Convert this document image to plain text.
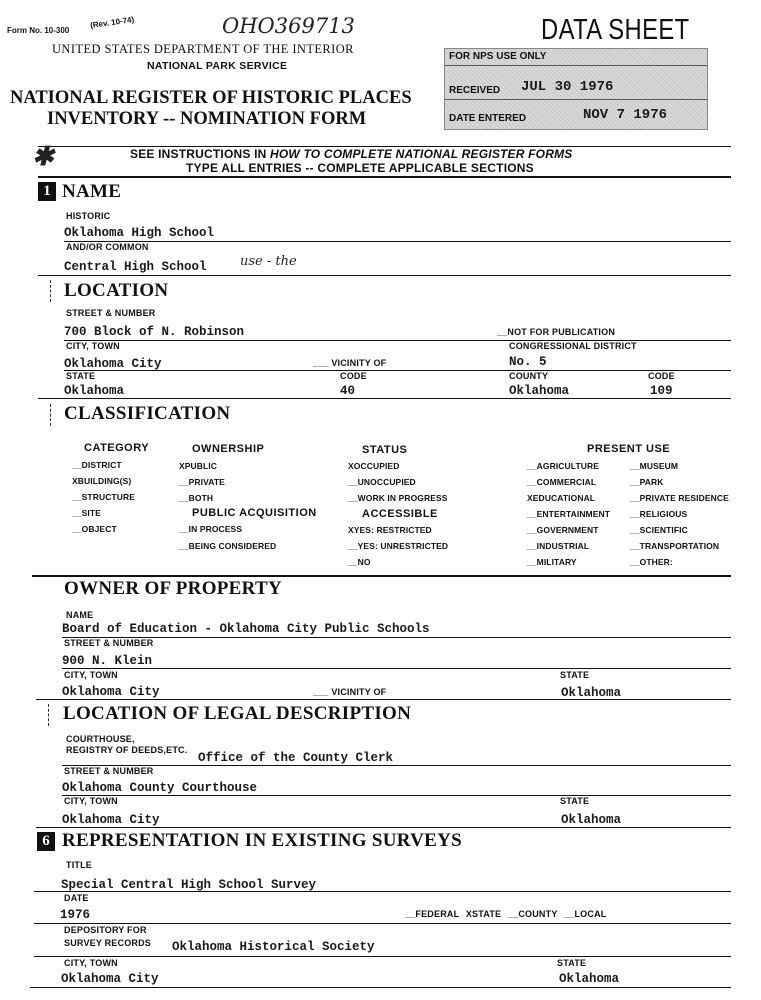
Form No. 10-300
(Rev. 10-74)	OHO369713
UNITED STATES DEPARTMENT OF THE INTERIOR
NATIONAL PARK SERVICE
NATIONAL REGISTER OF HISTORIC PLACES
INVENTORY -- NOMINATION FORM
DATA SHEET
FOR NPS USE ONLY
RECEIVED JUL 30 1976
DATE ENTERED	NOV 7 1976
✱	SEE INSTRUCTIONS IN HOW TO COMPLETE NATIONAL REGISTER FORMS
TYPE ALL ENTRIES -- COMPLETE APPLICABLE SECTIONS
1 NAME
HISTORIC
Oklahoma High School
AND/OR COMMON
Central High School	use - the
LOCATION
STREET & NUMBER
700 Block of N. Robinson	__NOT FOR PUBLICATION
CITY, TOWN	CONGRESSIONAL DISTRICT
Oklahoma City	___ VICINITY OF	No. 5
STATE	CODE	COUNTY	CODE
Oklahoma	40	Oklahoma	109
CLASSIFICATION
CATEGORY
__DISTRICT
XBUILDING(S)
__STRUCTURE
__SITE
__OBJECT
OWNERSHIP
XPUBLIC
__PRIVATE
__BOTH
PUBLIC ACQUISITION
__IN PROCESS
__BEING CONSIDERED
STATUS
XOCCUPIED
__UNOCCUPIED
__WORK IN PROGRESS
ACCESSIBLE
XYES: RESTRICTED
__YES: UNRESTRICTED
__NO
PRESENT USE
__AGRICULTURE
__COMMERCIAL
XEDUCATIONAL
__ENTERTAINMENT
__GOVERNMENT
__INDUSTRIAL
__MILITARY
__MUSEUM
__PARK
__PRIVATE RESIDENCE
__RELIGIOUS
__SCIENTIFIC
__TRANSPORTATION
__OTHER:
OWNER OF PROPERTY
NAME
Board of Education - Oklahoma City Public Schools
STREET & NUMBER
900 N. Klein
CITY, TOWN	STATE
Oklahoma City	___ VICINITY OF	Oklahoma
LOCATION OF LEGAL DESCRIPTION
COURTHOUSE,
REGISTRY OF DEEDS,ETC.
Office of the County Clerk
STREET & NUMBER
Oklahoma County Courthouse
CITY, TOWN	STATE
Oklahoma City	Oklahoma
6 REPRESENTATION IN EXISTING SURVEYS
TITLE
Special Central High School Survey
DATE
1976	__FEDERAL XSTATE __COUNTY __LOCAL
DEPOSITORY FOR
SURVEY RECORDS Oklahoma Historical Society
CITY, TOWN	STATE
Oklahoma City	Oklahoma
